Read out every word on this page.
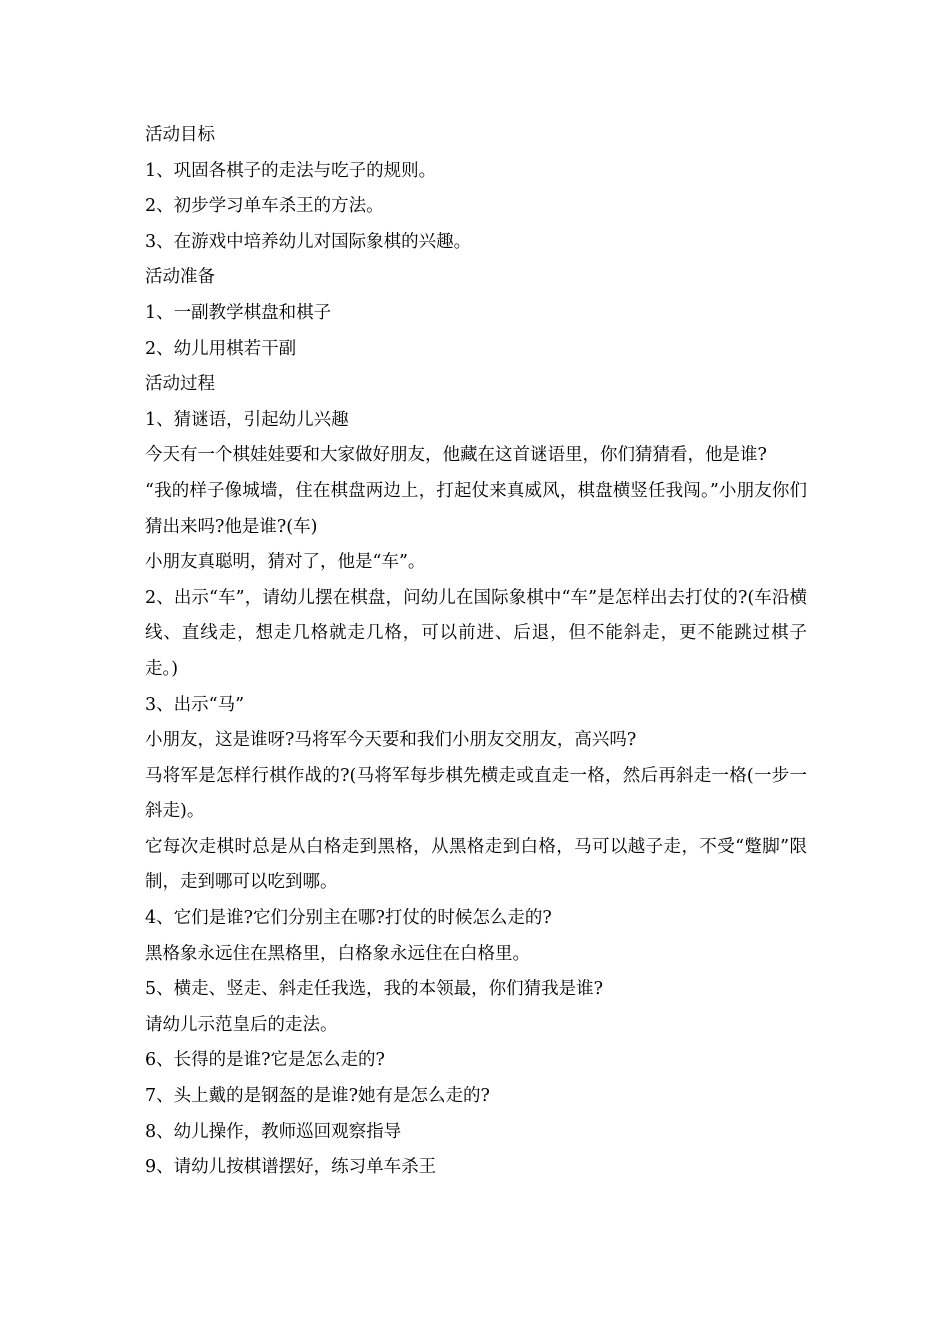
活动目标

1、巩固各棋子的走法与吃子的规则。

2、初步学习单车杀王的方法。

3、在游戏中培养幼儿对国际象棋的兴趣。

活动准备

1、一副教学棋盘和棋子

2、幼儿用棋若干副

活动过程

1、猜谜语，引起幼儿兴趣

今天有一个棋娃娃要和大家做好朋友，他藏在这首谜语里，你们猜猜看，他是谁?

“我的样子像城墙，住在棋盘两边上，打起仗来真威风，棋盘横竖任我闯。”小朋友你们猜出来吗?他是谁?(车)

小朋友真聪明，猜对了，他是“车”。

2、出示“车”，请幼儿摆在棋盘，问幼儿在国际象棋中“车”是怎样出去打仗的?(车沿横线、直线走，想走几格就走几格，可以前进、后退，但不能斜走，更不能跳过棋子走。)

3、出示“马”

小朋友，这是谁呀?马将军今天要和我们小朋友交朋友，高兴吗?

马将军是怎样行棋作战的?(马将军每步棋先横走或直走一格，然后再斜走一格(一步一斜走)。

它每次走棋时总是从白格走到黑格，从黑格走到白格，马可以越子走，不受“蹩脚”限制，走到哪可以吃到哪。

4、它们是谁?它们分别主在哪?打仗的时候怎么走的?

黑格象永远住在黑格里，白格象永远住在白格里。

5、横走、竖走、斜走任我选，我的本领最，你们猜我是谁?

请幼儿示范皇后的走法。

6、长得的是谁?它是怎么走的?

7、头上戴的是钢盔的是谁?她有是怎么走的?

8、幼儿操作，教师巡回观察指导

9、请幼儿按棋谱摆好，练习单车杀王
